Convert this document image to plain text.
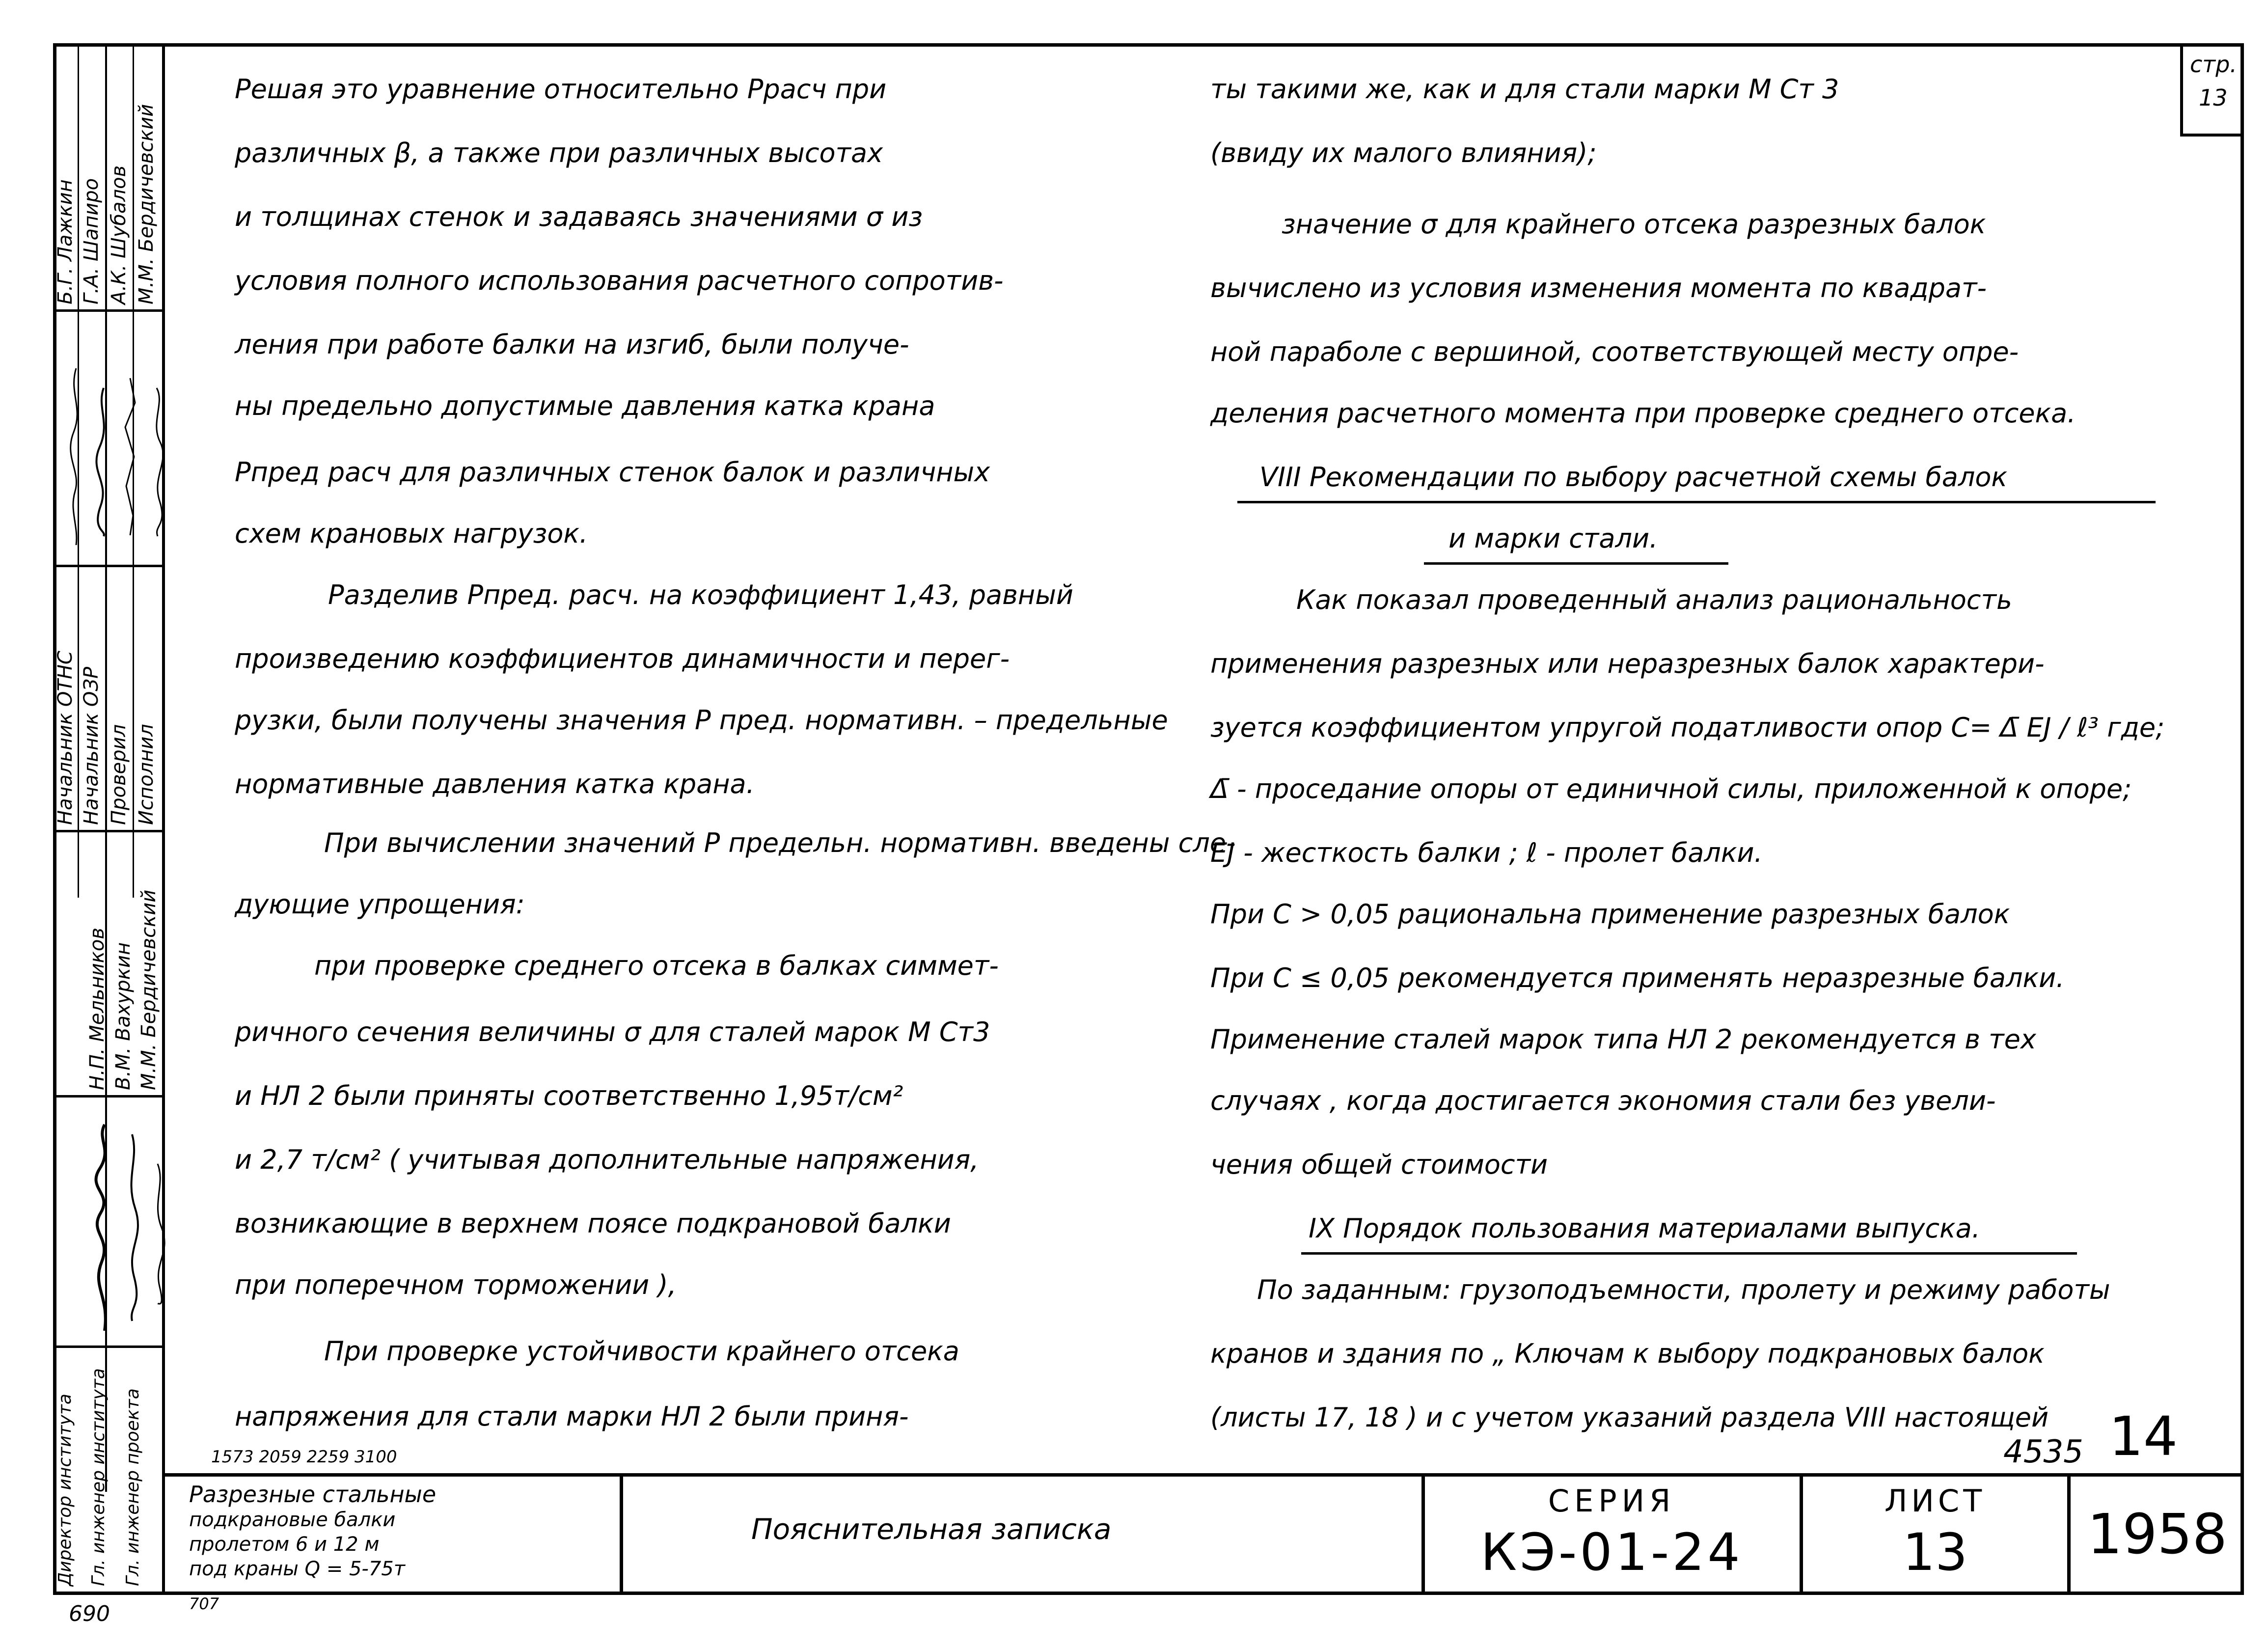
стр.
13
Б.Г. Лажкин Г.А. Шапиро А.К. Шубалов М.М. Бердичевский
Начальник ОТНС Начальник ОЗР Проверил Исполнил
Н.П. Мельников В.М. Вахуркин М.М. Бердичевский
Директор института Гл. инженер института Гл. инженер проекта
Решая это уравнение относительно Pрасч при
различных β, а также при различных высотах
и толщинах стенок и задаваясь значениями σ из
условия полного использования расчетного сопротив-
ления при работе балки на изгиб, были получе-
ны предельно допустимые давления катка крана
Pпред расч для различных стенок балок и различных
схем крановых нагрузок.
Разделив Pпред. расч. на коэффициент 1,43, равный
произведению коэффициентов динамичности и перег-
рузки, были получены значения P пред. нормативн. – предельные
нормативные давления катка крана.
При вычислении значений P предельн. нормативн. введены сле-
дующие упрощения:
при проверке среднего отсека в балках симмет-
ричного сечения величины σ для сталей марок М Ст3
и НЛ 2 были приняты соответственно 1,95т/см²
и 2,7 т/см² ( учитывая дополнительные напряжения,
возникающие в верхнем поясе подкрановой балки
при поперечном торможении ),
При проверке устойчивости крайнего отсека
напряжения для стали марки НЛ 2 были приня-
1573 2059 2259 3100
ты такими же, как и для стали марки М Ст 3
(ввиду их малого влияния);
значение σ для крайнего отсека разрезных балок
вычислено из условия изменения момента по квадрат-
ной параболе с вершиной, соответствующей месту опре-
деления расчетного момента при проверке среднего отсека.
VIII Рекомендации по выбору расчетной схемы балок
и марки стали.
Как показал проведенный анализ рациональность
применения разрезных или неразрезных балок характери-
зуется коэффициентом упругой податливости опор C= Δ̄ EJ / ℓ³ где;
Δ̄ - проседание опоры от единичной силы, приложенной к опоре;
EJ - жесткость балки ; ℓ - пролет балки.
При C > 0,05 рациональна применение разрезных балок
При C ≤ 0,05 рекомендуется применять неразрезные балки.
Применение сталей марок типа НЛ 2 рекомендуется в тех
случаях , когда достигается экономия стали без увели-
чения общей стоимости
IX Порядок пользования материалами выпуска.
По заданным: грузоподъемности, пролету и режиму работы
кранов и здания по „ Ключам к выбору подкрановых балок
(листы 17, 18 ) и с учетом указаний раздела VIII настоящей
4535 14
Разрезные стальные
подкрановые балки
пролетом 6 и 12 м
под краны Q = 5-75т
Пояснительная записка
СЕРИЯ
КЭ-01-24
ЛИСТ
13	1958
690	707
